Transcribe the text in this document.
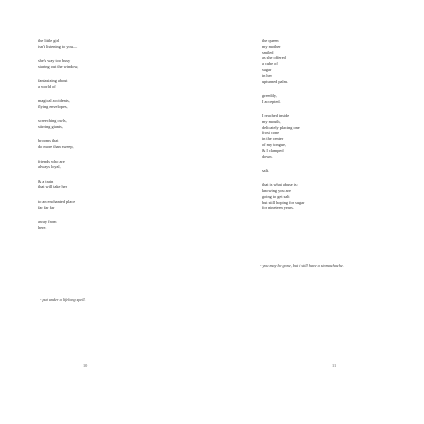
the little girl
isn't listening to you—
she's way too busy
staring out the window,
fantasizing about
a world of
magical accidents,
flying envelopes,
screeching owls,
stirring giants,
brooms that
do more than sweep,
friends who are
always loyal,
& a train
that will take her
to an enchanted place
far far far
away from
here.
- put under a lifelong spell.
10
the queen
my mother
smiled
as she offered
a cube of
sugar
in her
upturned palm.
greedily,
I accepted.
I reached inside
my mouth,
delicately placing one
frost cone
in the center
of my tongue,
& I clamped
down.
salt.
that is what abuse is:
knowing you are
going to get salt
but still hoping for sugar
for nineteen years.
- you may be gone, but i still have a stomachache.
11
